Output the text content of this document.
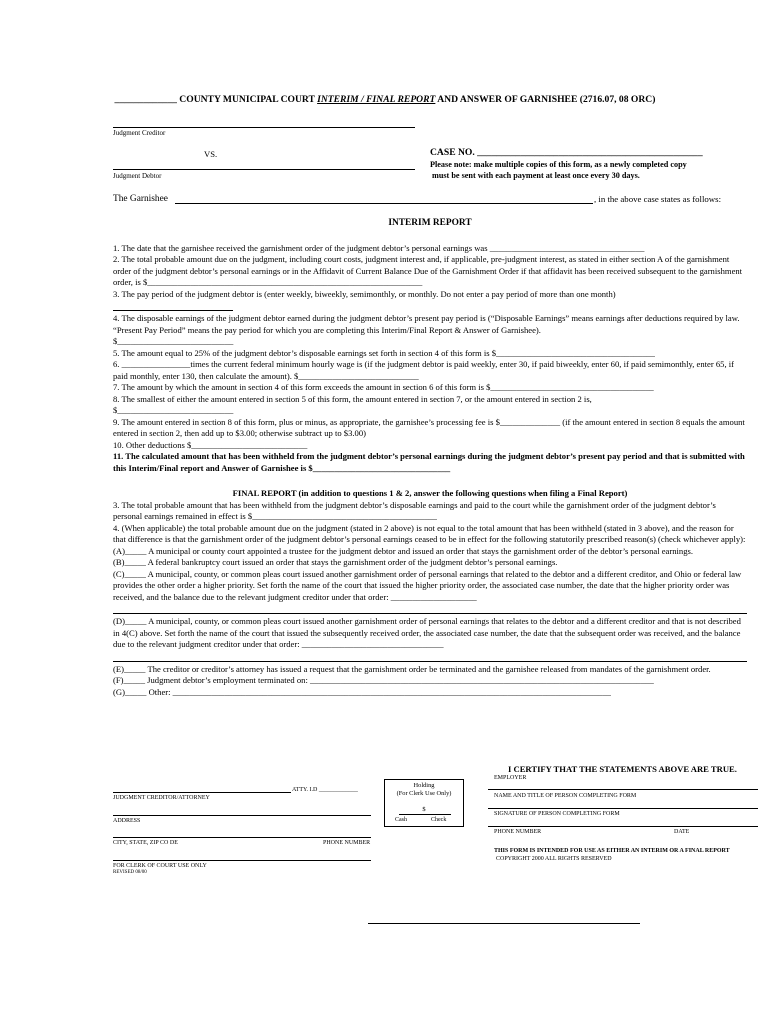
_____________ COUNTY MUNICIPAL COURT INTERIM / FINAL REPORT AND ANSWER OF GARNISHEE (2716.07, 08 ORC)
Judgment Creditor
VS.
Judgment Debtor
CASE NO. _______________________________________________
Please note: make multiple copies of this form, as a newly completed copy
must be sent with each payment at least once every 30 days.
The Garnishee	, in the above case states as follows:

INTERIM REPORT

1. The date that the garnishee received the garnishment order of the judgment debtor’s personal earnings was ____________________________________

2. The total probable amount due on the judgment, including court costs, judgment interest and, if applicable, pre-judgment interest, as stated in either section A of the garnishment order of the judgment debtor’s personal earnings or in the Affidavit of Current Balance Due of the Garnishment Order if that affidavit has been received subsequent to the garnishment order, is $________________________________________________________________

3. The pay period of the judgment debtor is (enter weekly, biweekly, semimonthly, or monthly. Do not enter a pay period of more than one month)

4. The disposable earnings of the judgment debtor earned during the judgment debtor’s present pay period is (“Disposable Earnings” means earnings after deductions required by law. “Present Pay Period” means the pay period for which you are completing this Interim/Final Report & Answer of Garnishee).

$___________________________

5. The amount equal to 25% of the judgment debtor’s disposable earnings set forth in section 4 of this form is $_____________________________________

6. ________________times the current federal minimum hourly wage is (if the judgment debtor is paid weekly, enter 30, if paid biweekly, enter 60, if paid semimonthly, enter 65, if paid monthly, enter 130, then calculate the amount). $____________________________

7. The amount by which the amount in section 4 of this form exceeds the amount in section 6 of this form is $______________________________________

8. The smallest of either the amount entered in section 5 of this form, the amount entered in section 7, or the amount entered in section 2 is,

$___________________________

9. The amount entered in section 8 of this form, plus or minus, as appropriate, the garnishee’s processing fee is $______________ (if the amount entered in section 8 equals the amount entered in section 2, then add up to $3.00; otherwise subtract up to $3.00)

10. Other deductions $___________________________

11. The calculated amount that has been withheld from the judgment debtor’s personal earnings during the judgment debtor’s present pay period and that is submitted with this Interim/Final report and Answer of Garnishee is $________________________________

FINAL REPORT (in addition to questions 1 & 2, answer the following questions when filing a Final Report)

3. The total probable amount that has been withheld from the judgment debtor’s disposable earnings and paid to the court while the garnishment order of the judgment debtor’s

personal earnings remained in effect is $___________________________________________

4. (When applicable) the total probable amount due on the judgment (stated in 2 above) is not equal to the total amount that has been withheld (stated in 3 above), and the reason for that difference is that the garnishment order of the judgment debtor’s personal earnings ceased to be in effect for the following statutorily prescribed reason(s) (check whichever apply):

(A)_____ A municipal or county court appointed a trustee for the judgment debtor and issued an order that stays the garnishment order of the debtor’s personal earnings.

(B)_____ A federal bankruptcy court issued an order that stays the garnishment order of the judgment debtor’s personal earnings.

(C)_____ A municipal, county, or common pleas court issued another garnishment order of personal earnings that related to the debtor and a different creditor, and Ohio or federal law provides the other order a higher priority. Set forth the name of the court that issued the higher priority order, the associated case number, the date that the higher priority order was received, and the balance due to the relevant judgment creditor under that order: ____________________

(D)_____ A municipal, county, or common pleas court issued another garnishment order of personal earnings that relates to the debtor and a different creditor and that is not described in 4(C) above. Set forth the name of the court that issued the subsequently received order, the associated case number, the date that the subsequent order was received, and the balance due to the relevant judgment creditor under that order: _________________________________

(E)_____ The creditor or creditor’s attorney has issued a request that the garnishment order be terminated and the garnishee released from mandates of the garnishment order.

(F)_____ Judgment debtor’s employment terminated on: ________________________________________________________________________________

(G)_____ Other: ______________________________________________________________________________________________________

ATTY. I.D _____________
JUDGMENT CREDITOR/ATTORNEY
ADDRESS
CITY, STATE, ZIP CO DE	PHONE NUMBER
FOR CLERK OF COURT USE ONLY
REVISED 08/00
Holding
(For Clerk Use Only)
$
Cash	Check
I CERTIFY THAT THE STATEMENTS ABOVE ARE TRUE.
EMPLOYER
NAME AND TITLE OF PERSON COMPLETING FORM
SIGNATURE OF PERSON COMPLETING FORM
PHONE NUMBER	DATE
THIS FORM IS INTENDED FOR USE AS EITHER AN INTERIM OR A FINAL REPORT
COPYRIGHT 2000 ALL RIGHTS RESERVED
